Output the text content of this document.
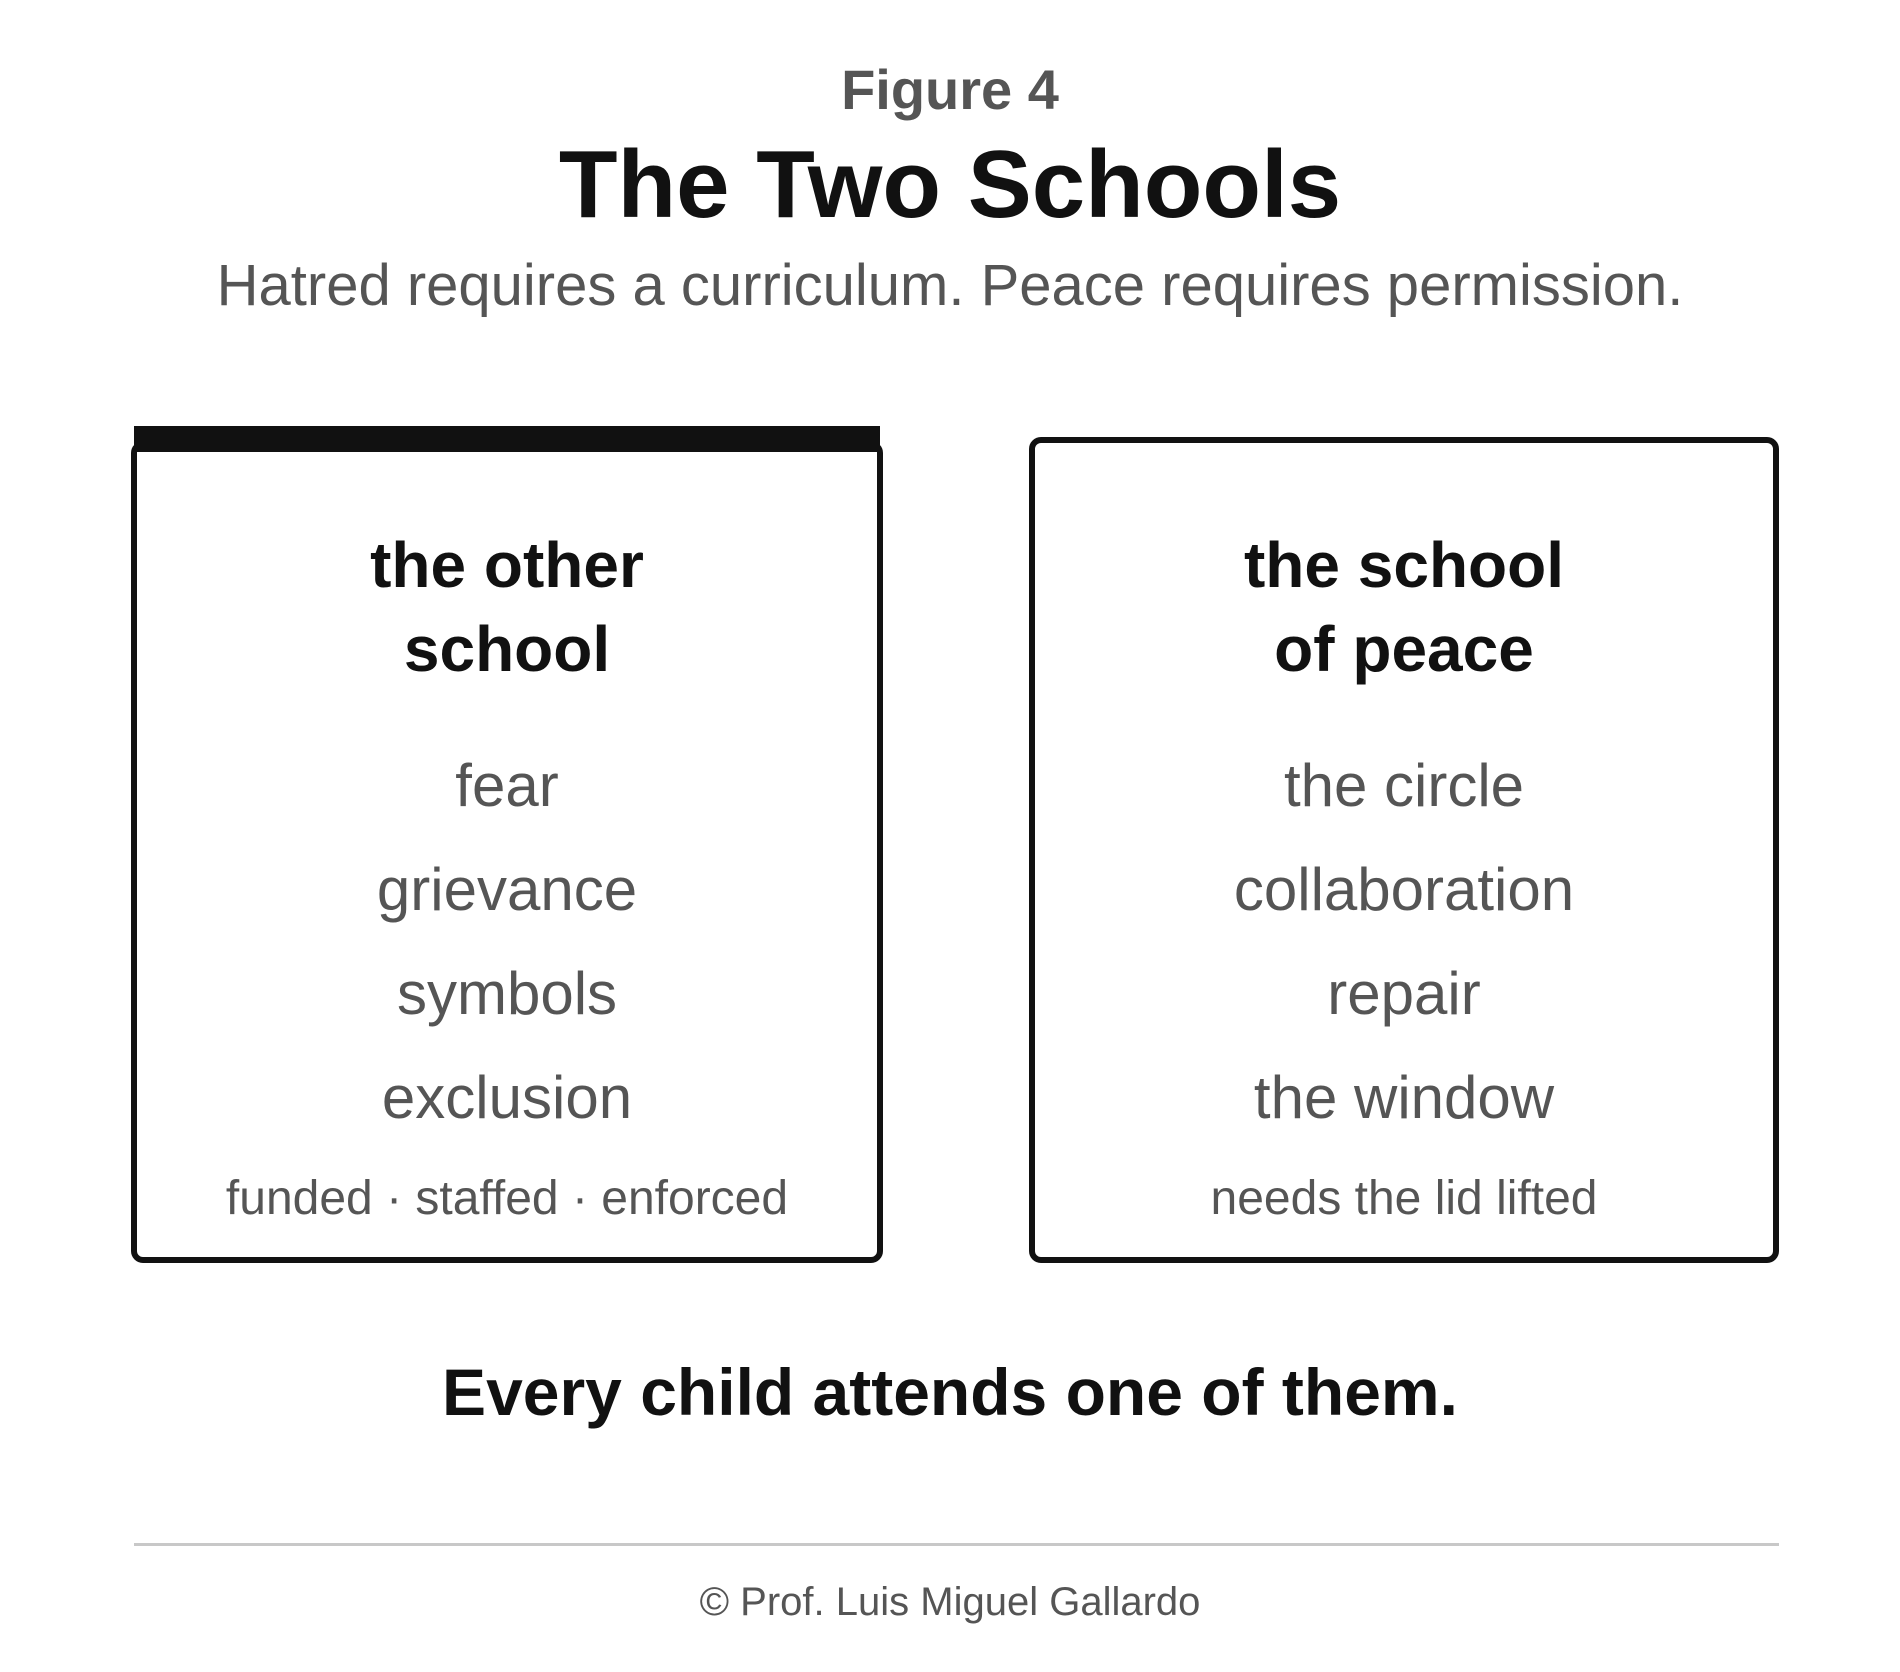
Figure 4
The Two Schools
Hatred requires a curriculum. Peace requires permission.
the other
school
fear
grievance
symbols
exclusion
funded · staffed · enforced
the school
of peace
the circle
collaboration
repair
the window
needs the lid lifted
Every child attends one of them.
© Prof. Luis Miguel Gallardo
